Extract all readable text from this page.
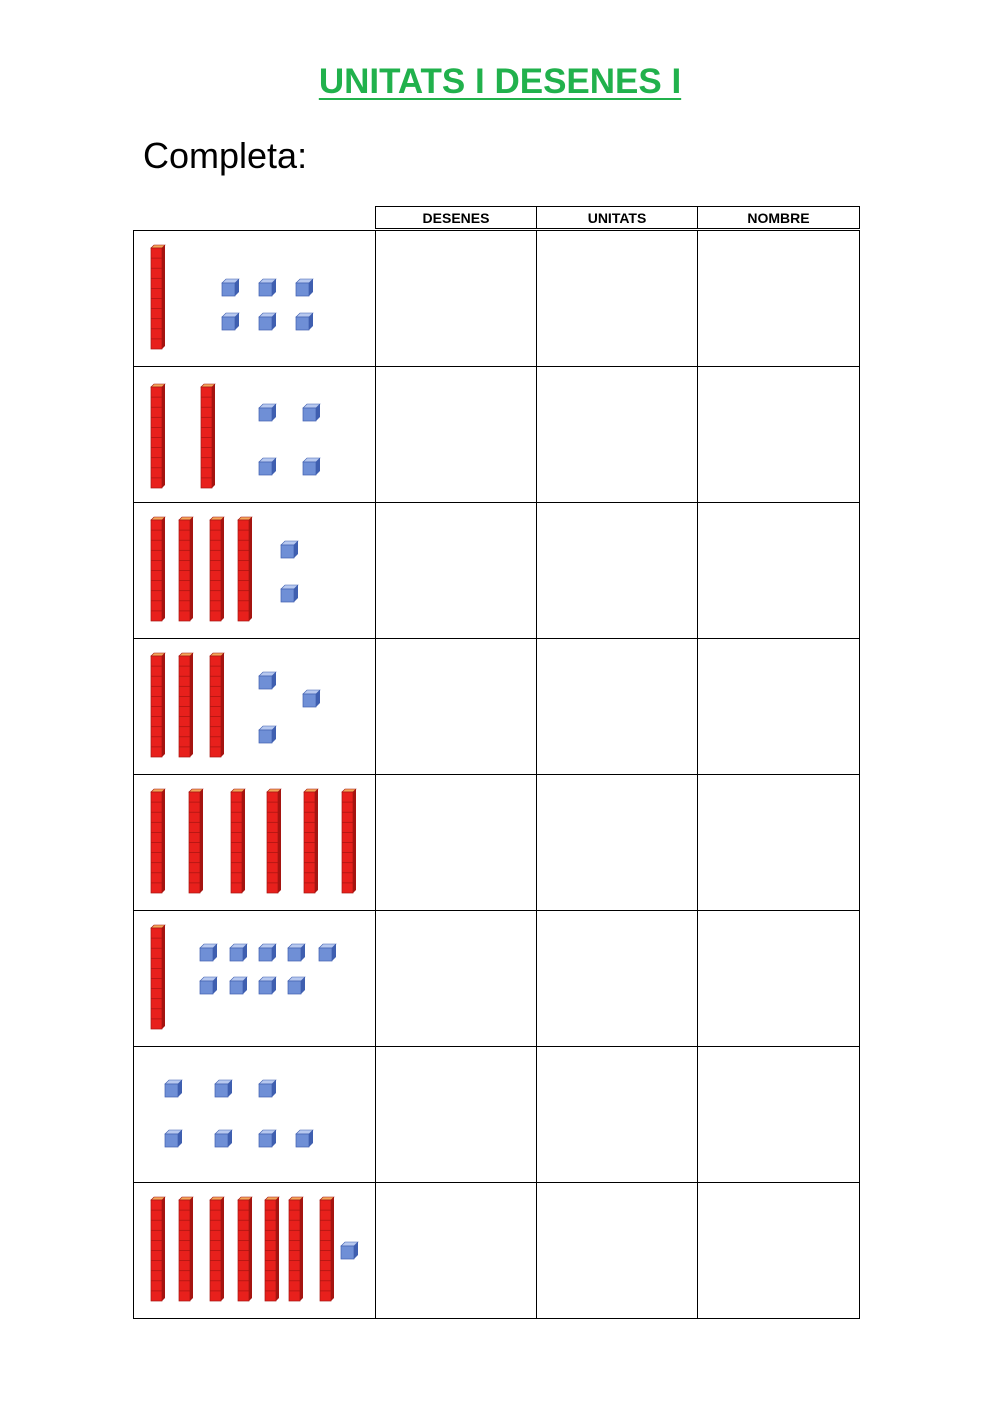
UNITATS I DESENES I
Completa:
DESENES	UNITATS	NOMBRE
